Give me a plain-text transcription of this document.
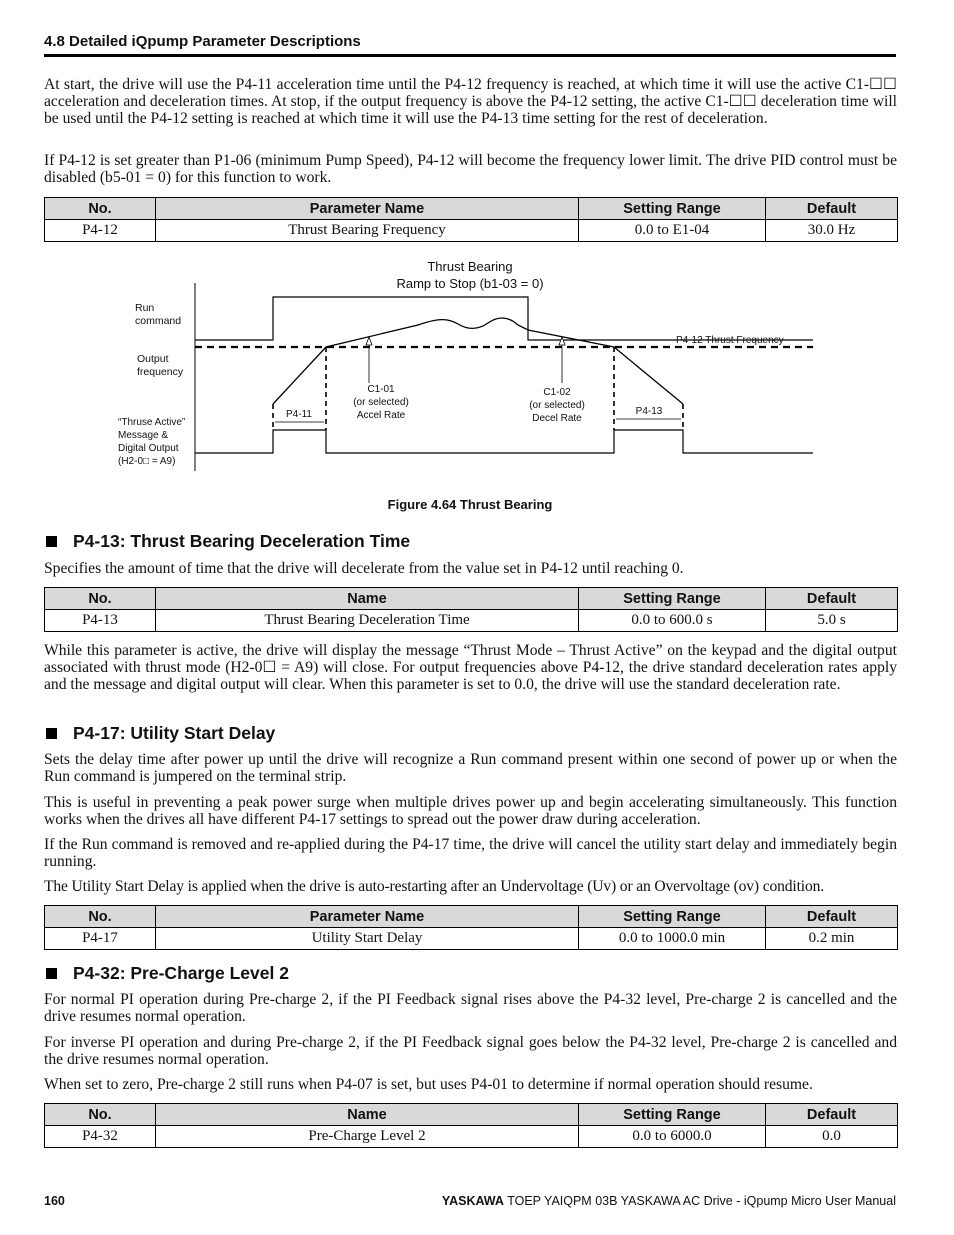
4.8 Detailed iQpump Parameter Descriptions

At start, the drive will use the P4-11 acceleration time until the P4-12 frequency is reached, at which time it will use the active C1-☐☐ acceleration and deceleration times. At stop, if the output frequency is above the P4-12 setting, the active C1-☐☐ deceleration time will be used until the P4-12 setting is reached at which time it will use the P4-13 time setting for the rest of deceleration.

If P4-12 is set greater than P1-06 (minimum Pump Speed), P4-12 will become the frequency lower limit. The drive PID control must be disabled (b5-01 = 0) for this function to work.

No.	Parameter Name	Setting Range	Default
P4-12	Thrust Bearing Frequency	0.0 to E1-04	30.0 Hz
Thrust Bearing
Ramp to Stop (b1-03 = 0)
Run
command
P4-12 Thrust Frequency
Output
frequency
C1-01
(or selected)
Accel Rate
C1-02
(or selected)
Decel Rate
P4-11	P4-13
“Thruse Active”
Message &
Digital Output
(H2-0□ = A9)
Figure 4.64 Thrust Bearing
P4-13: Thrust Bearing Deceleration Time

Specifies the amount of time that the drive will decelerate from the value set in P4-12 until reaching 0.

No.	Name	Setting Range	Default
P4-13	Thrust Bearing Deceleration Time	0.0 to 600.0 s	5.0 s

While this parameter is active, the drive will display the message “Thrust Mode – Thrust Active” on the keypad and the digital output associated with thrust mode (H2-0☐ = A9) will close. For output frequencies above P4-12, the drive standard deceleration rates apply and the message and digital output will clear. When this parameter is set to 0.0, the drive will use the standard deceleration rate.

P4-17: Utility Start Delay

Sets the delay time after power up until the drive will recognize a Run command present within one second of power up or when the Run command is jumpered on the terminal strip.

This is useful in preventing a peak power surge when multiple drives power up and begin accelerating simultaneously. This function works when the drives all have different P4-17 settings to spread out the power draw during acceleration.

If the Run command is removed and re-applied during the P4-17 time, the drive will cancel the utility start delay and immediately begin running.

The Utility Start Delay is applied when the drive is auto-restarting after an Undervoltage (Uv) or an Overvoltage (ov) condition.

No.	Parameter Name	Setting Range	Default
P4-17	Utility Start Delay	0.0 to 1000.0 min	0.2 min
P4-32: Pre-Charge Level 2

For normal PI operation during Pre-charge 2, if the PI Feedback signal rises above the P4-32 level, Pre-charge 2 is cancelled and the drive resumes normal operation.

For inverse PI operation and during Pre-charge 2, if the PI Feedback signal goes below the P4-32 level, Pre-charge 2 is cancelled and the drive resumes normal operation.

When set to zero, Pre-charge 2 still runs when P4-07 is set, but uses P4-01 to determine if normal operation should resume.

No.	Name	Setting Range	Default
P4-32	Pre-Charge Level 2	0.0 to 6000.0	0.0
160	YASKAWA TOEP YAIQPM 03B YASKAWA AC Drive - iQpump Micro User Manual
